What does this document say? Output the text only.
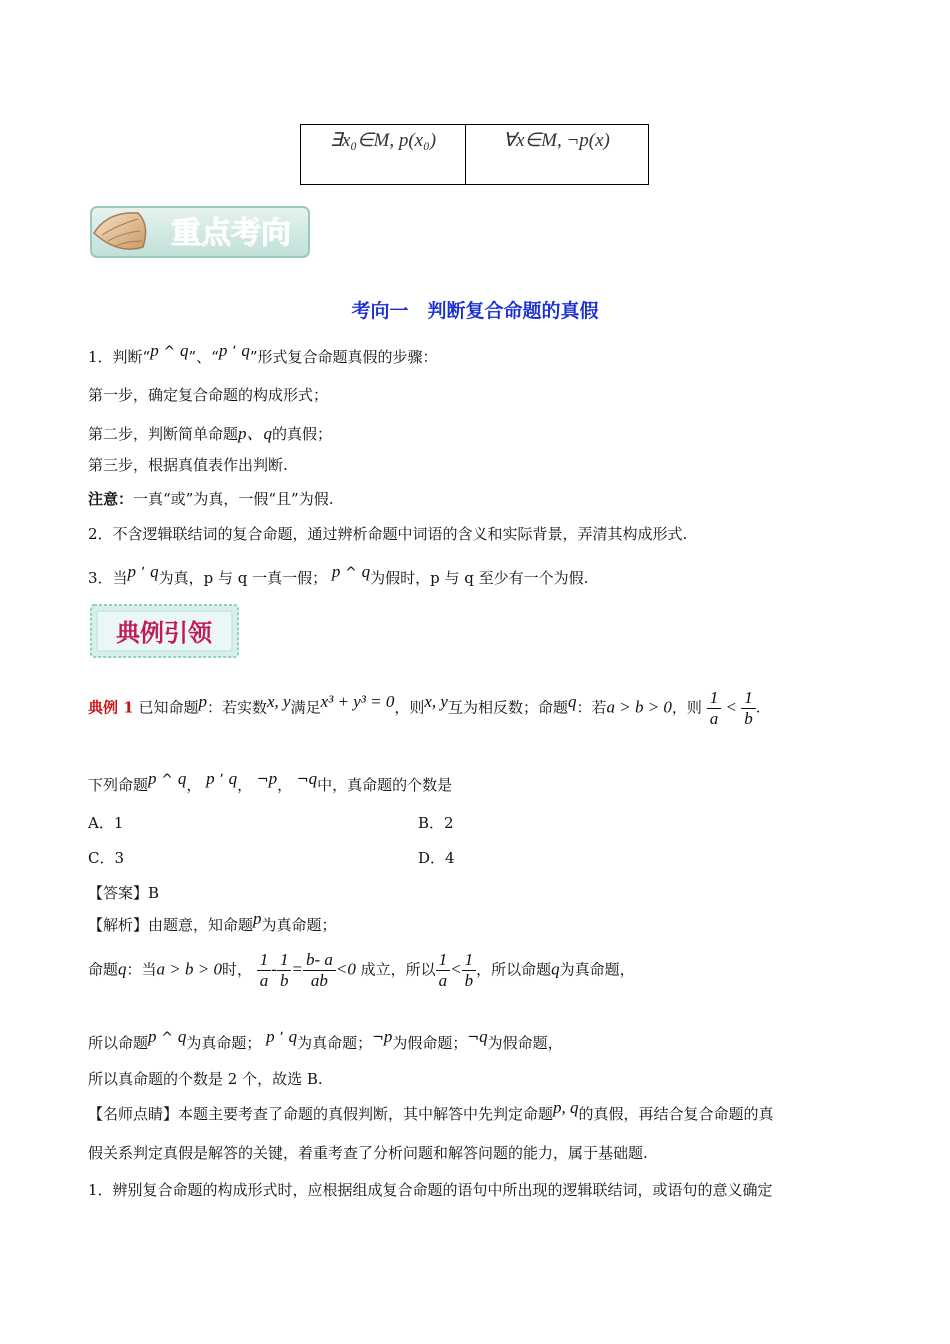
∃x₀∈M, p(x₀)	∀x∈M, ¬p(x)
重点考向
考向一　判断复合命题的真假
1．判断“p ^ q”、“p ʼ q”形式复合命题真假的步骤：
第一步，确定复合命题的构成形式；
第二步，判断简单命题p、q的真假；
第三步，根据真值表作出判断.
注意：一真“或”为真，一假“且”为假.
2．不含逻辑联结词的复合命题，通过辨析命题中词语的含义和实际背景，弄清其构成形式.
3．当p ʼ q为真，p 与 q 一真一假； p ^ q为假时，p 与 q 至少有一个为假.
典例引领
典例 1 已知命题p：若实数x, y满足x³ + y³ = 0，则x, y互为相反数；命题q：若a > b > 0，则 $\frac{1}{a} < \frac{1}{b}$ .
下列命题p ^ q， p ʼ q， ¬p， ¬q中，真命题的个数是
A．1	B．2
C．3	D．4
【答案】B
【解析】由题意，知命题p为真命题；
命题q：当a > b > 0时， $\frac{1}{a} - \frac{1}{b} = \frac{b- a}{ab} <0$ 成立，所以 $\frac{1}{a} < \frac{1}{b}$ ，所以命题q为真命题，
所以命题p ^ q为真命题； p ʼ q为真命题；¬p为假命题；¬q为假命题，
所以真命题的个数是 2 个，故选 B.
【名师点睛】本题主要考查了命题的真假判断，其中解答中先判定命题p, q的真假，再结合复合命题的真
假关系判定真假是解答的关键，着重考查了分析问题和解答问题的能力，属于基础题.
1．辨别复合命题的构成形式时，应根据组成复合命题的语句中所出现的逻辑联结词，或语句的意义确定
